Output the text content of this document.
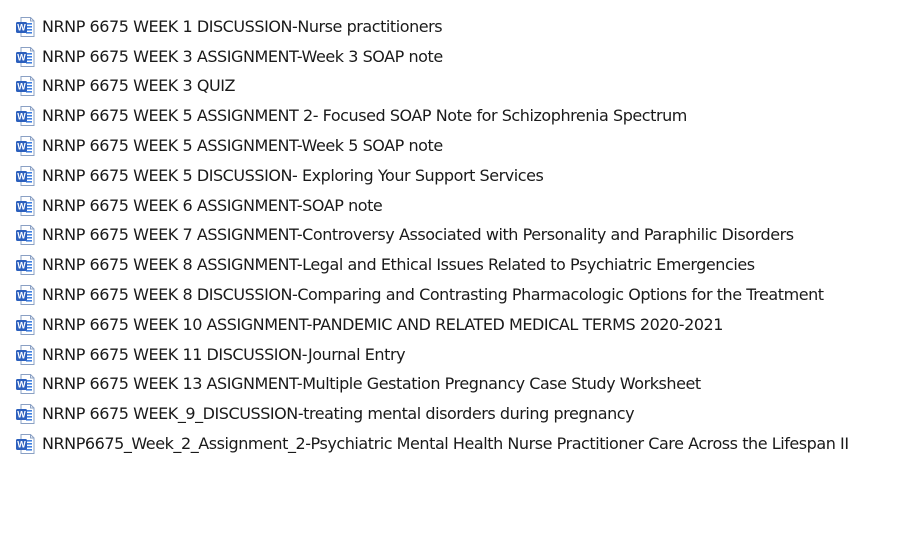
W NRNP 6675 WEEK 1 DISCUSSION-Nurse practitioners
W NRNP 6675 WEEK 3 ASSIGNMENT-Week 3 SOAP note
W NRNP 6675 WEEK 3 QUIZ
W NRNP 6675 WEEK 5 ASSIGNMENT 2- Focused SOAP Note for Schizophrenia Spectrum
W NRNP 6675 WEEK 5 ASSIGNMENT-Week 5 SOAP note
W NRNP 6675 WEEK 5 DISCUSSION- Exploring Your Support Services
W NRNP 6675 WEEK 6 ASSIGNMENT-SOAP note
W NRNP 6675 WEEK 7 ASSIGNMENT-Controversy Associated with Personality and Paraphilic Disorders
W NRNP 6675 WEEK 8 ASSIGNMENT-Legal and Ethical Issues Related to Psychiatric Emergencies
W NRNP 6675 WEEK 8 DISCUSSION-Comparing and Contrasting Pharmacologic Options for the Treatment
W NRNP 6675 WEEK 10 ASSIGNMENT-PANDEMIC AND RELATED MEDICAL TERMS 2020-2021
W NRNP 6675 WEEK 11 DISCUSSION-Journal Entry
W NRNP 6675 WEEK 13 ASIGNMENT-Multiple Gestation Pregnancy Case Study Worksheet
W NRNP 6675 WEEK_9_DISCUSSION-treating mental disorders during pregnancy
W NRNP6675_Week_2_Assignment_2-Psychiatric Mental Health Nurse Practitioner Care Across the Lifespan II
